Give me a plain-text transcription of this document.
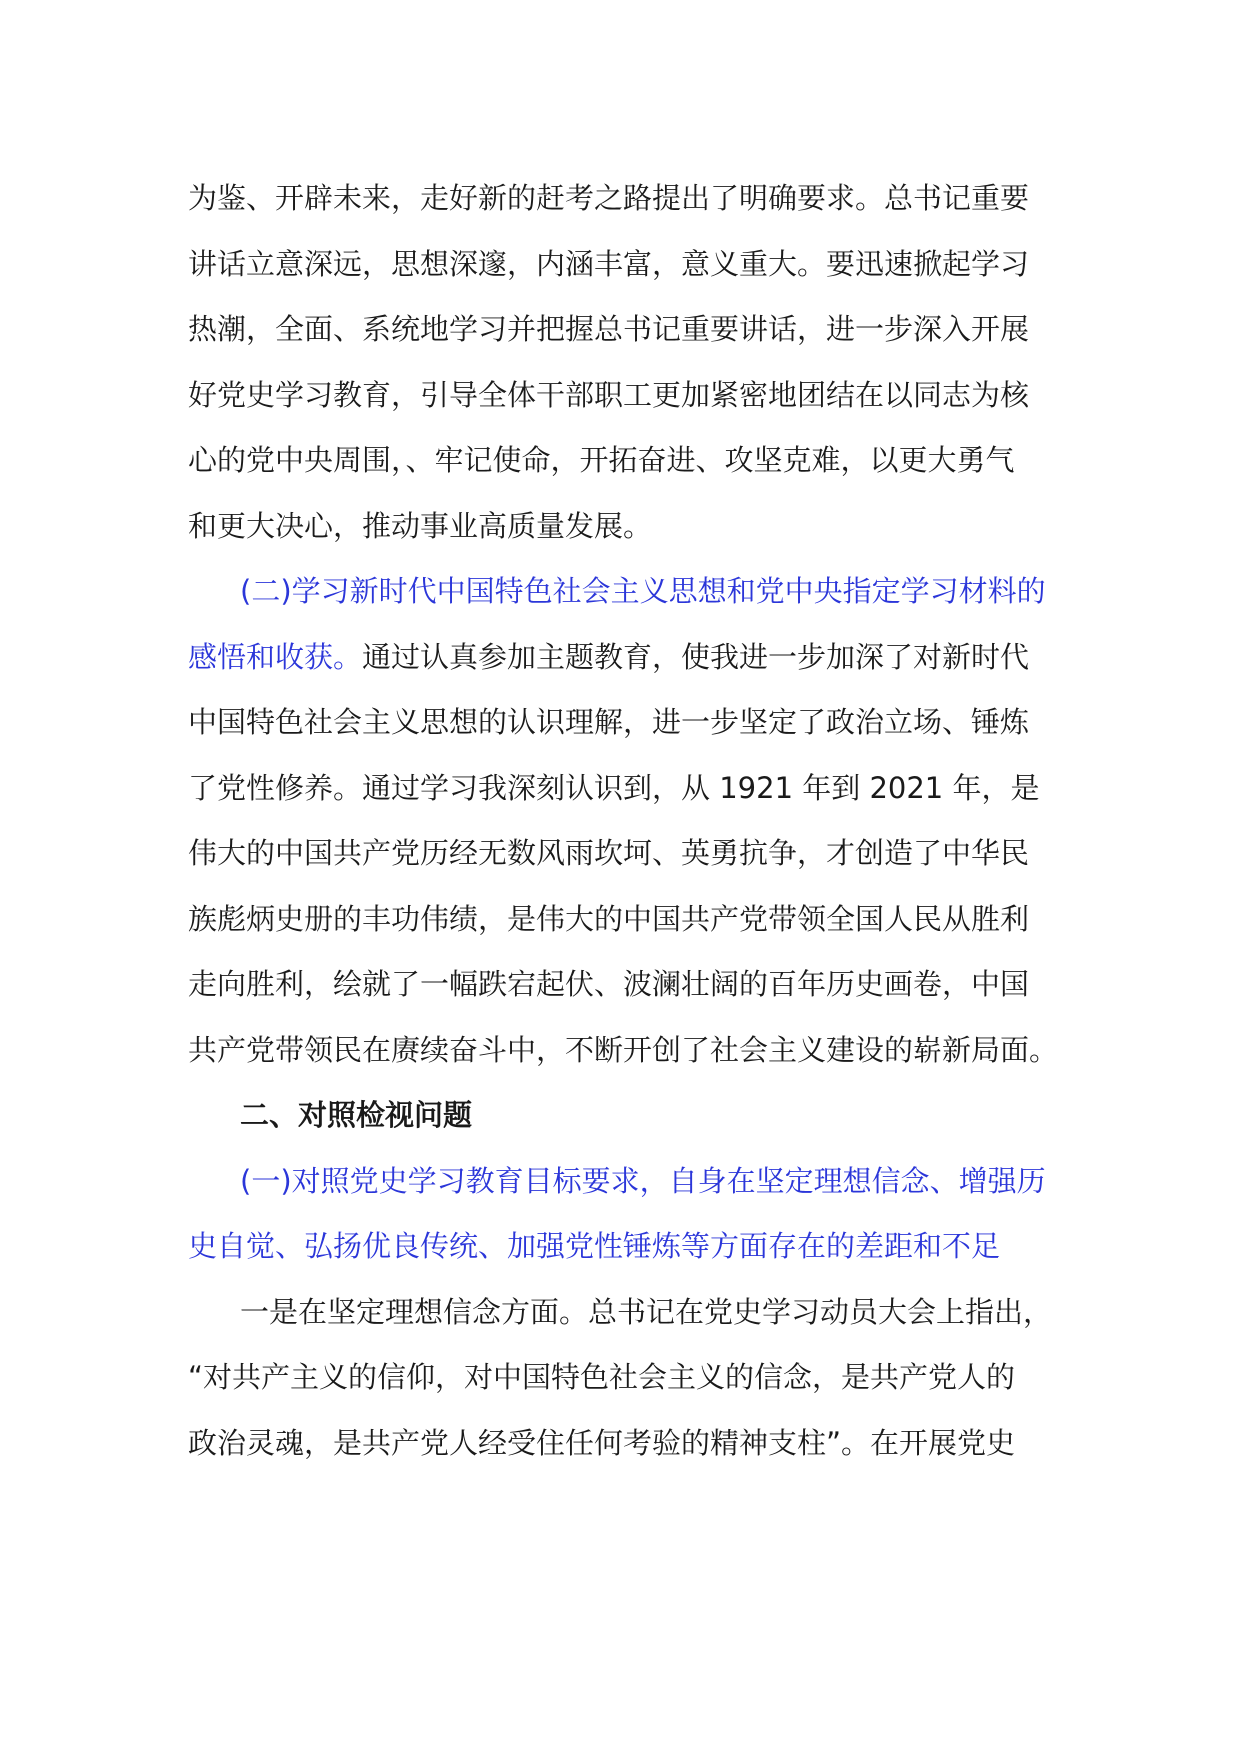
为鉴、开辟未来，走好新的赶考之路提出了明确要求。总书记重要
讲话立意深远，思想深邃，内涵丰富，意义重大。要迅速掀起学习
热潮，全面、系统地学习并把握总书记重要讲话，进一步深入开展
好党史学习教育，引导全体干部职工更加紧密地团结在以同志为核
心的党中央周围，、牢记使命，开拓奋进、攻坚克难，以更大勇气
和更大决心，推动事业高质量发展。
(二)学习新时代中国特色社会主义思想和党中央指定学习材料的
感悟和收获。通过认真参加主题教育，使我进一步加深了对新时代
中国特色社会主义思想的认识理解，进一步坚定了政治立场、锤炼
了党性修养。通过学习我深刻认识到，从 1921 年到 2021 年，是
伟大的中国共产党历经无数风雨坎坷、英勇抗争，才创造了中华民
族彪炳史册的丰功伟绩，是伟大的中国共产党带领全国人民从胜利
走向胜利，绘就了一幅跌宕起伏、波澜壮阔的百年历史画卷，中国
共产党带领民在赓续奋斗中，不断开创了社会主义建设的崭新局面。
二、对照检视问题
(一)对照党史学习教育目标要求，自身在坚定理想信念、增强历
史自觉、弘扬优良传统、加强党性锤炼等方面存在的差距和不足
一是在坚定理想信念方面。总书记在党史学习动员大会上指出，
“对共产主义的信仰，对中国特色社会主义的信念，是共产党人的
政治灵魂，是共产党人经受住任何考验的精神支柱”。在开展党史
